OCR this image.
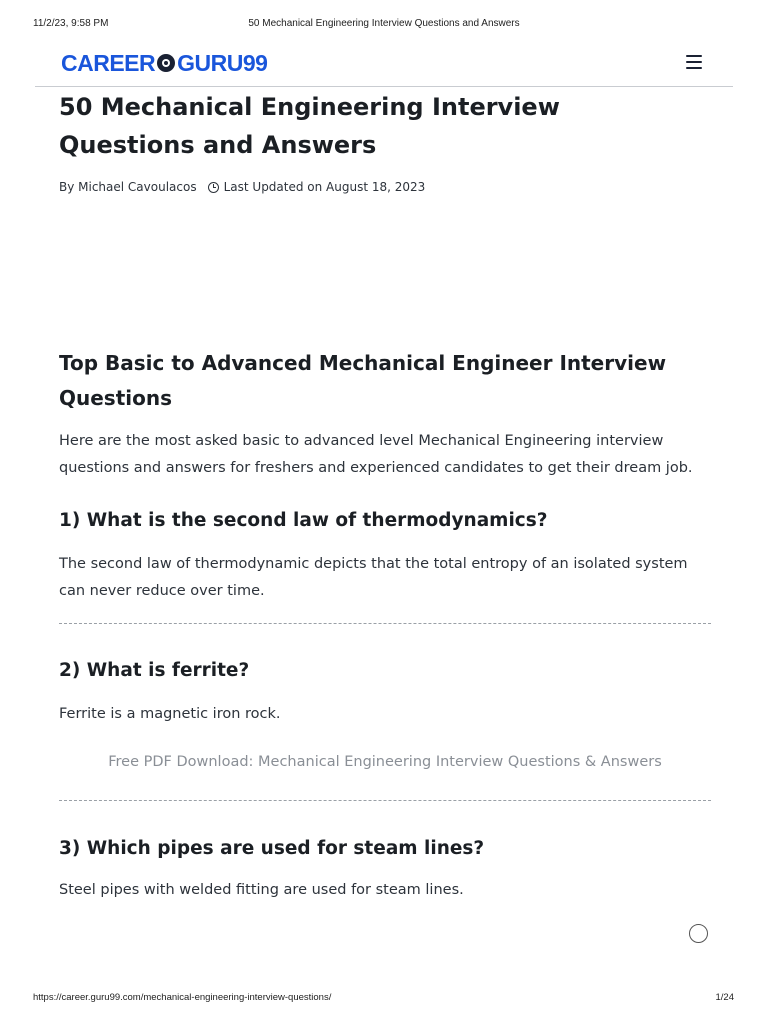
11/2/23, 9:58 PM	50 Mechanical Engineering Interview Questions and Answers
CAREER GURU99
50 Mechanical Engineering Interview Questions and Answers
By Michael Cavoulacos Last Updated on August 18, 2023
Top Basic to Advanced Mechanical Engineer Interview Questions

Here are the most asked basic to advanced level Mechanical Engineering interview questions and answers for freshers and experienced candidates to get their dream job.

1) What is the second law of thermodynamics?

The second law of thermodynamic depicts that the total entropy of an isolated system can never reduce over time.

2) What is ferrite?

Ferrite is a magnetic iron rock.

Free PDF Download: Mechanical Engineering Interview Questions & Answers
3) Which pipes are used for steam lines?

Steel pipes with welded fitting are used for steam lines.

https://career.guru99.com/mechanical-engineering-interview-questions/	1/24
